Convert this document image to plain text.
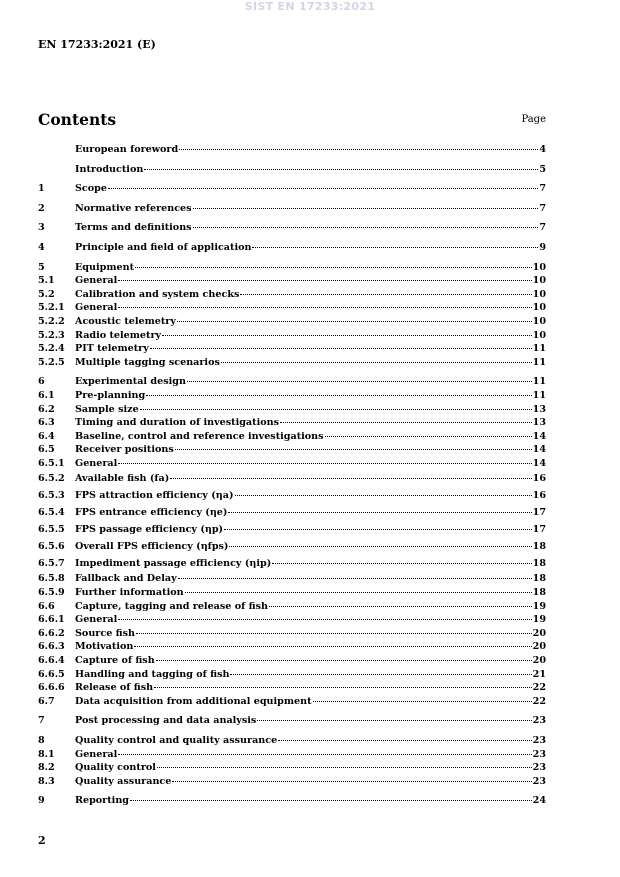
SIST EN 17233:2021
EN 17233:2021 (E)
Contents	Page
European foreword	4
Introduction	5
1	Scope	7
2	Normative references	7
3	Terms and definitions	7
4	Principle and field of application	9
5	Equipment	10
5.1	General	10
5.2	Calibration and system checks	10
5.2.1	General	10
5.2.2	Acoustic telemetry	10
5.2.3	Radio telemetry	10
5.2.4	PIT telemetry	11
5.2.5	Multiple tagging scenarios	11
6	Experimental design	11
6.1	Pre-planning	11
6.2	Sample size	13
6.3	Timing and duration of investigations	13
6.4	Baseline, control and reference investigations	14
6.5	Receiver positions	14
6.5.1	General	14
6.5.2	Available fish (fa)	16
6.5.3	FPS attraction efficiency (ηa)	16
6.5.4	FPS entrance efficiency (ηe)	17
6.5.5	FPS passage efficiency (ηp)	17
6.5.6	Overall FPS efficiency (ηfps)	18
6.5.7	Impediment passage efficiency (ηip)	18
6.5.8	Fallback and Delay	18
6.5.9	Further information	18
6.6	Capture, tagging and release of fish	19
6.6.1	General	19
6.6.2	Source fish	20
6.6.3	Motivation	20
6.6.4	Capture of fish	20
6.6.5	Handling and tagging of fish	21
6.6.6	Release of fish	22
6.7	Data acquisition from additional equipment	22
7	Post processing and data analysis	23
8	Quality control and quality assurance	23
8.1	General	23
8.2	Quality control	23
8.3	Quality assurance	23
9	Reporting	24
2
